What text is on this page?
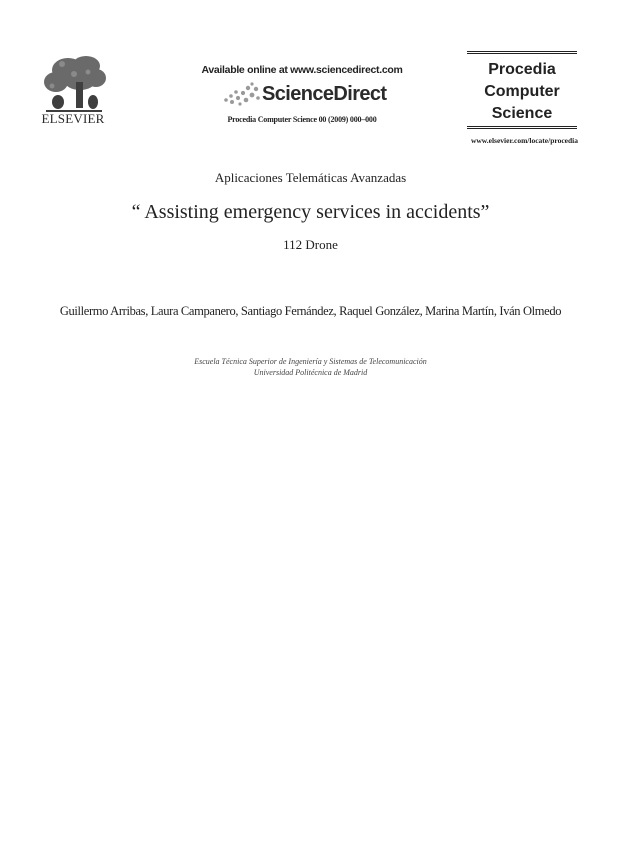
ELSEVIER
Available online at www.sciencedirect.com
ScienceDirect
Procedia Computer Science 00 (2009) 000–000
Procedia
Computer
Science
www.elsevier.com/locate/procedia
Aplicaciones Telemáticas Avanzadas
“ Assisting emergency services in accidents”
112 Drone
Guillermo Arribas, Laura Campanero, Santiago Fernández, Raquel González, Marina Martín, Iván Olmedo
Escuela Técnica Superior de Ingeniería y Sistemas de Telecomunicación
Universidad Politécnica de Madrid
